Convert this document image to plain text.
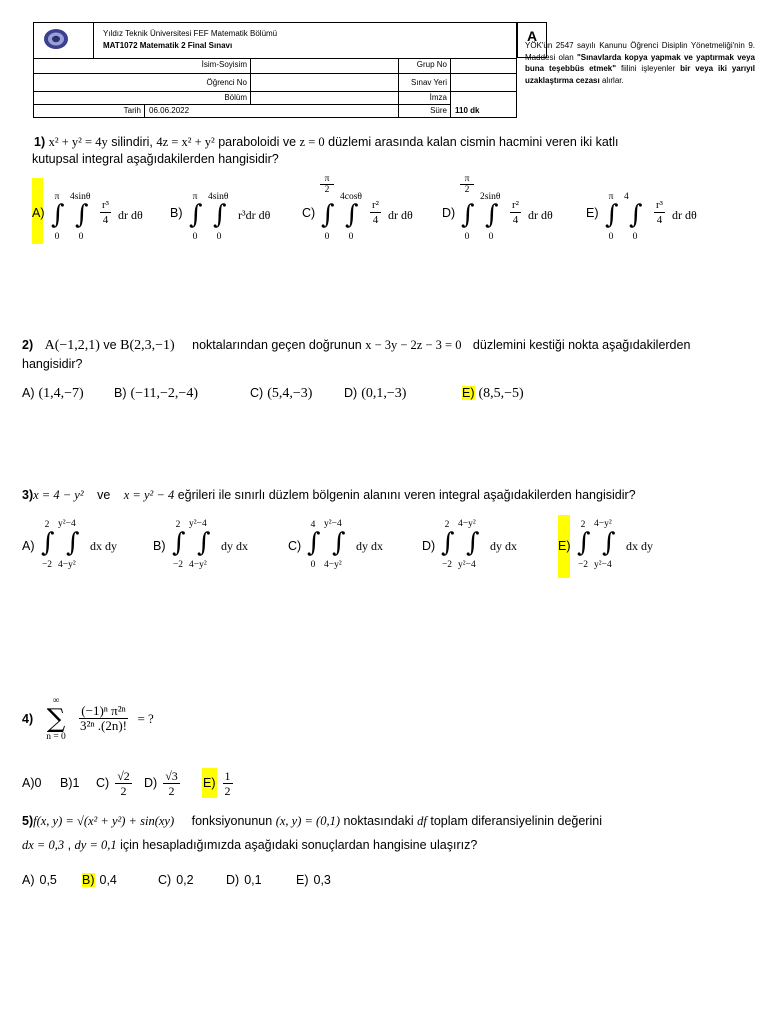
Yıldız Teknik Üniversitesi FEF Matematik Bölümü
MAT1072 Matematik 2 Final Sınavı
A
İsim-Soyisim	Grup No
Öğrenci No	Sınav Yeri
Bölüm	İmza
Tarih	06.06.2022	Süre	110 dk
YÖK'ün 2547 sayılı Kanunu Öğrenci Disiplin Yönetmeliği'nin 9. Maddesi olan "Sınavlarda kopya yapmak ve yaptırmak veya buna teşebbüs etmek" fiilini işleyenler bir veya iki yarıyıl uzaklaştırma cezası alırlar.
1) x² + y² = 4y silindiri, 4z = x² + y² paraboloidi ve z = 0 düzlemi arasında kalan cismin hacmini veren iki katlı
kutupsal integral aşağıdakilerden hangisidir?
A)
π
∫
0
4sinθ
∫
0
$\frac{\text{r³}}{4}$ dr dθ B)
π
∫
0
4sinθ
∫
0
r³dr dθ	C)
π
2
∫
0
4cosθ
∫
0
$\frac{\text{r²}}{4}$ dr dθ D)
π
2
∫
0
2sinθ
∫
0
$\frac{\text{r²}}{4}$ dr dθ	E)
π
∫
0
4
∫
0
$\frac{\text{r³}}{4}$ dr dθ
2) A(−1,2,1) ve B(2,3,−1) noktalarından geçen doğrunun x − 3y − 2z − 3 = 0 düzlemini kestiği nokta aşağıdakilerden
hangisidir?
A) (1,4,−7) B) (−11,−2,−4)	C) (5,4,−3)	D) (0,1,−3)	E) (8,5,−5)
3)x = 4 − y² ve x = y² − 4 eğrileri ile sınırlı düzlem bölgenin alanını veren integral aşağıdakilerden hangisidir?
A)
2
∫
−2
y²−4
∫
4−y²
dx dy	B)
2
∫
−2
y²−4
∫
4−y²
dy dx	C)
4
∫
0
y²−4
∫
4−y²
dy dx	D)
2
∫
−2
4−y²
∫
y²−4
dy dx	E)
2
∫
−2
4−y²
∫
y²−4
dx dy
4)
∞
∑
n = 0
$\frac{\text{(−1)ⁿ π²ⁿ}}{\text{3²ⁿ .(2n)!}}$ = ?
A)0 B)1 $C) \frac{√2}{2} D) \frac{√3}{2} E) \frac{1}{2}$
5)f(x, y) = √(x² + y²) + sin(xy) fonksiyonunun (x, y) = (0,1) noktasındaki df toplam diferansiyelinin değerini
dx = 0,3 , dy = 0,1 için hesapladığımızda aşağıdaki sonuçlardan hangisine ulaşırız?
A) 0,5 B) 0,4	C) 0,2	D) 0,1	E) 0,3
